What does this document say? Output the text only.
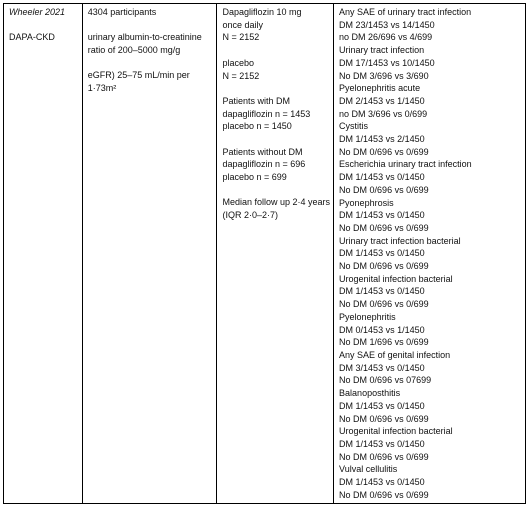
Wheeler 2021
DAPA-CKD

4304 participants
urinary albumin-to-creatinine ratio of 200–5000 mg/g
eGFR) 25–75 mL/min per 1·73m²

Dapagliflozin 10 mg
once daily
N = 2152
placebo
N = 2152
Patients with DM
dapagliflozin n = 1453
placebo n = 1450
Patients without DM
dapagliflozin n = 696
placebo n = 699
Median follow up 2·4 years
(IQR 2·0–2·7)

Any SAE of urinary tract infection
DM 23/1453 vs 14/1450
no DM 26/696 vs 4/699
Urinary tract infection
DM 17/1453 vs 10/1450
No DM 3/696 vs 3/690
Pyelonephritis acute
DM 2/1453 vs 1/1450
no DM 3/696 vs 0/699
Cystitis
DM 1/1453 vs 2/1450
No DM 0/696 vs 0/699
Escherichia urinary tract infection
DM 1/1453 vs 0/1450
No DM 0/696 vs 0/699
Pyonephrosis
DM 1/1453 vs 0/1450
No DM 0/696 vs 0/699
Urinary tract infection bacterial
DM 1/1453 vs 0/1450
No DM 0/696 vs 0/699
Urogenital infection bacterial
DM 1/1453 vs 0/1450
No DM 0/696 vs 0/699
Pyelonephritis
DM 0/1453 vs 1/1450
No DM 1/696 vs 0/699
Any SAE of genital infection
DM 3/1453 vs 0/1450
No DM 0/696 vs 07699
Balanoposthitis
DM 1/1453 vs 0/1450
No DM 0/696 vs 0/699
Urogenital infection bacterial
DM 1/1453 vs 0/1450
No DM 0/696 vs 0/699
Vulval cellulitis
DM 1/1453 vs 0/1450
No DM 0/696 vs 0/699
